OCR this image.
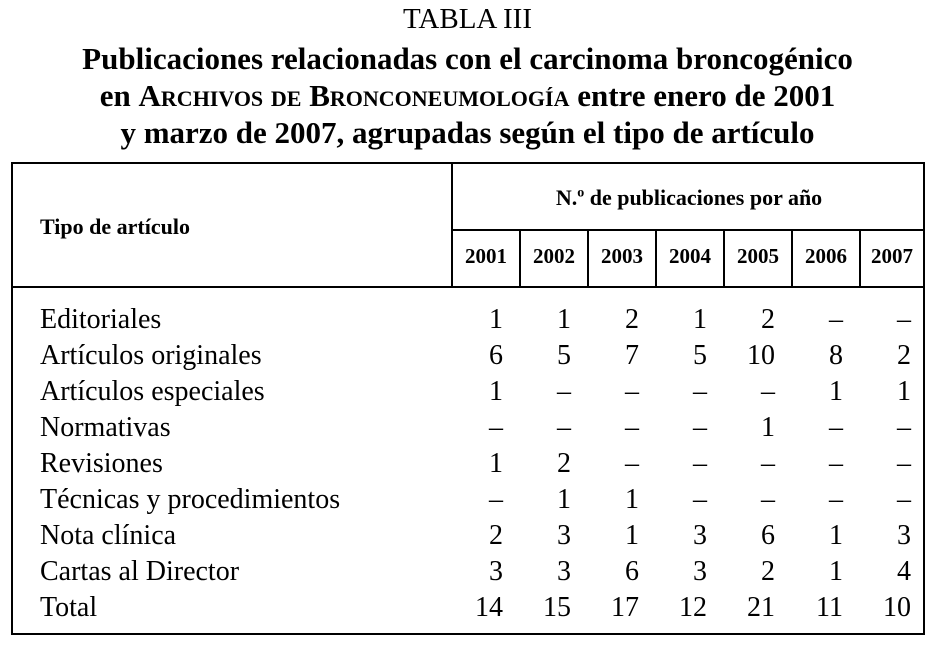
TABLA III
Publicaciones relacionadas con el carcinoma broncogénico
en Archivos de Bronconeumología entre enero de 2001
y marzo de 2007, agrupadas según el tipo de artículo
Tipo de artículo
N.$^o$ de publicaciones por año
2001	2002	2003	2004	2005	2006	2007
Editoriales	1	1	2	1	2	–	–
Artículos originales	6	5	7	5	10	8	2
Artículos especiales	1	–	–	–	–	1	1
Normativas	–	–	–	–	1	–	–
Revisiones	1	2	–	–	–	–	–
Técnicas y procedimientos	–	1	1	–	–	–	–
Nota clínica	2	3	1	3	6	1	3
Cartas al Director	3	3	6	3	2	1	4
Total	14	15	17	12	21	11	10
